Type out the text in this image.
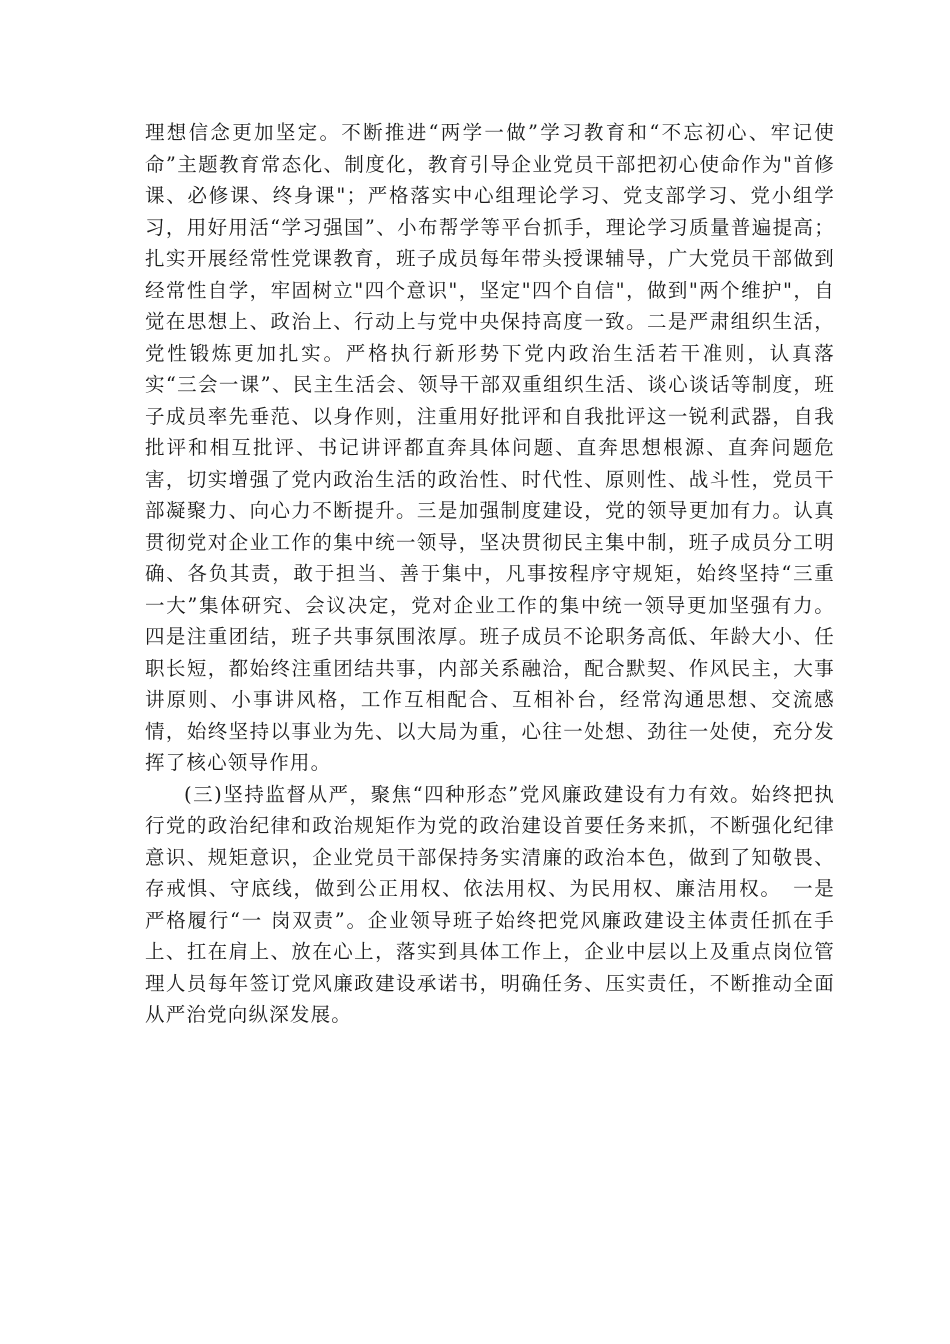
理想信念更加坚定。不断推进“两学一做”学习教育和“不忘初心、牢记使命”主题教育常态化、制度化，教育引导企业党员干部把初心使命作为"首修课、必修课、终身课"；严格落实中心组理论学习、党支部学习、党小组学习，用好用活“学习强国”、小布帮学等平台抓手，理论学习质量普遍提高；扎实开展经常性党课教育，班子成员每年带头授课辅导，广大党员干部做到经常性自学，牢固树立"四个意识"，坚定"四个自信"，做到"两个维护"，自觉在思想上、政治上、行动上与党中央保持高度一致。二是严肃组织生活，党性锻炼更加扎实。严格执行新形势下党内政治生活若干准则，认真落实“三会一课”、民主生活会、领导干部双重组织生活、谈心谈话等制度，班子成员率先垂范、以身作则，注重用好批评和自我批评这一锐利武器，自我批评和相互批评、书记讲评都直奔具体问题、直奔思想根源、直奔问题危害，切实增强了党内政治生活的政治性、时代性、原则性、战斗性，党员干部凝聚力、向心力不断提升。三是加强制度建设，党的领导更加有力。认真贯彻党对企业工作的集中统一领导，坚决贯彻民主集中制，班子成员分工明确、各负其责，敢于担当、善于集中，凡事按程序守规矩，始终坚持“三重一大”集体研究、会议决定，党对企业工作的集中统一领导更加坚强有力。四是注重团结，班子共事氛围浓厚。班子成员不论职务高低、年龄大小、任职长短，都始终注重团结共事，内部关系融洽，配合默契、作风民主，大事讲原则、小事讲风格，工作互相配合、互相补台，经常沟通思想、交流感情，始终坚持以事业为先、以大局为重，心往一处想、劲往一处使，充分发挥了核心领导作用。

(三)坚持监督从严，聚焦“四种形态”党风廉政建设有力有效。始终把执行党的政治纪律和政治规矩作为党的政治建设首要任务来抓，不断强化纪律意识、规矩意识，企业党员干部保持务实清廉的政治本色，做到了知敬畏、存戒惧、守底线，做到公正用权、依法用权、为民用权、廉洁用权。　一是严格履行“一 岗双责”。企业领导班子始终把党风廉政建设主体责任抓在手上、扛在肩上、放在心上，落实到具体工作上，企业中层以上及重点岗位管理人员每年签订党风廉政建设承诺书，明确任务、压实责任，不断推动全面从严治党向纵深发展。
